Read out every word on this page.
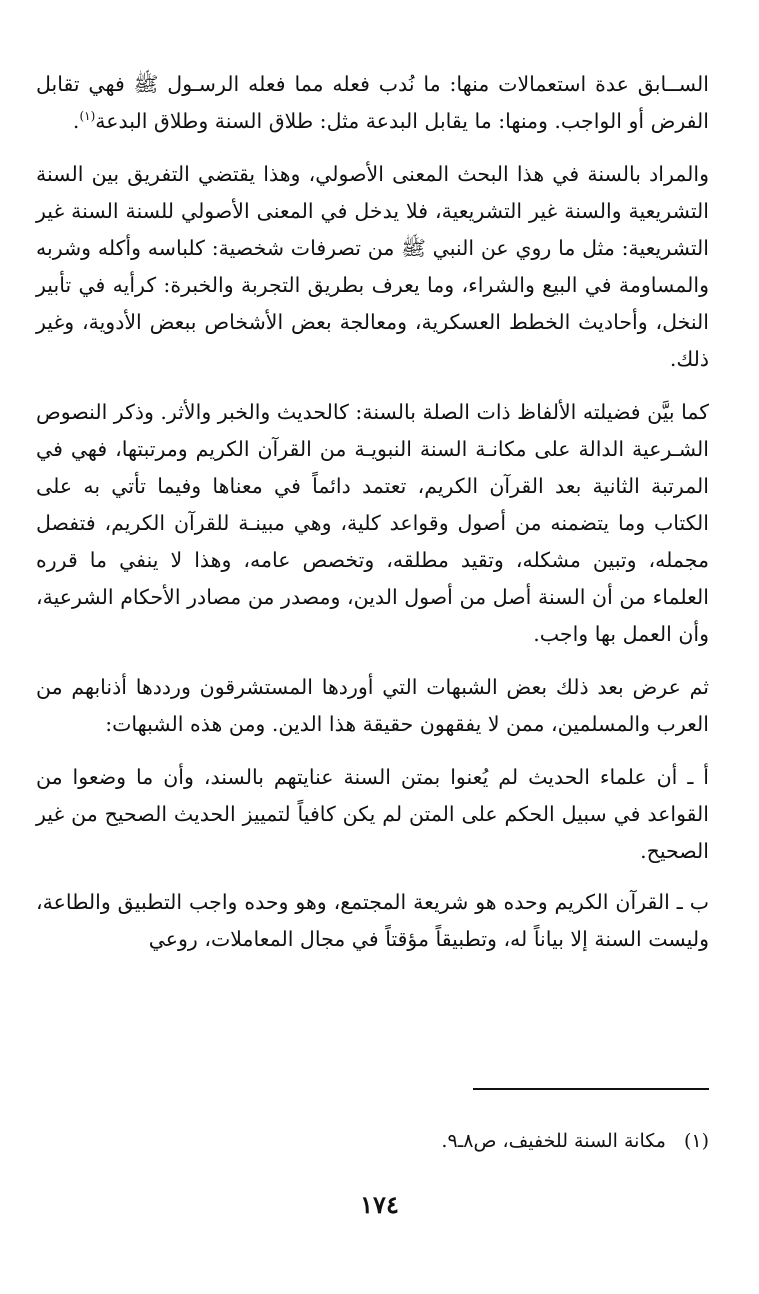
الســابق عدة استعمالات منها: ما نُدب فعله مما فعله الرسـول ﷺ فهي تقابل الفرض أو الواجب. ومنها: ما يقابل البدعة مثل: طلاق السنة وطلاق البدعة$^{(١)}$.

والمراد بالسنة في هذا البحث المعنى الأصولي، وهذا يقتضي التفريق بين السنة التشريعية والسنة غير التشريعية، فلا يدخل في المعنى الأصولي للسنة السنة غير التشريعية: مثل ما روي عن النبي ﷺ من تصرفات شخصية: كلباسه وأكله وشربه والمساومة في البيع والشراء، وما يعرف بطريق التجربة والخبرة: كرأيه في تأبير النخل، وأحاديث الخطط العسكرية، ومعالجة بعض الأشخاص ببعض الأدوية، وغير ذلك.

كما بيَّن فضيلته الألفاظ ذات الصلة بالسنة: كالحديث والخبر والأثر. وذكر النصوص الشـرعية الدالة على مكانـة السنة النبويـة من القرآن الكريم ومرتبتها، فهي في المرتبة الثانية بعد القرآن الكريم، تعتمد دائماً في معناها وفيما تأتي به على الكتاب وما يتضمنه من أصول وقواعد كلية، وهي مبينـة للقرآن الكريم، فتفصل مجمله، وتبين مشكله، وتقيد مطلقه، وتخصص عامه، وهذا لا ينفي ما قرره العلماء من أن السنة أصل من أصول الدين، ومصدر من مصادر الأحكام الشرعية، وأن العمل بها واجب.

ثم عرض بعد ذلك بعض الشبهات التي أوردها المستشرقون ورددها أذنابهم من العرب والمسلمين، ممن لا يفقهون حقيقة هذا الدين. ومن هذه الشبهات:

أ ـ أن علماء الحديث لم يُعنوا بمتن السنة عنايتهم بالسند، وأن ما وضعوا من القواعد في سبيل الحكم على المتن لم يكن كافياً لتمييز الحديث الصحيح من غير الصحيح.

ب ـ القرآن الكريم وحده هو شريعة المجتمع، وهو وحده واجب التطبيق والطاعة، وليست السنة إلا بياناً له، وتطبيقاً مؤقتاً في مجال المعاملات، روعي

(١)مكانة السنة للخفيف، ص٨ـ٩.
١٧٤
